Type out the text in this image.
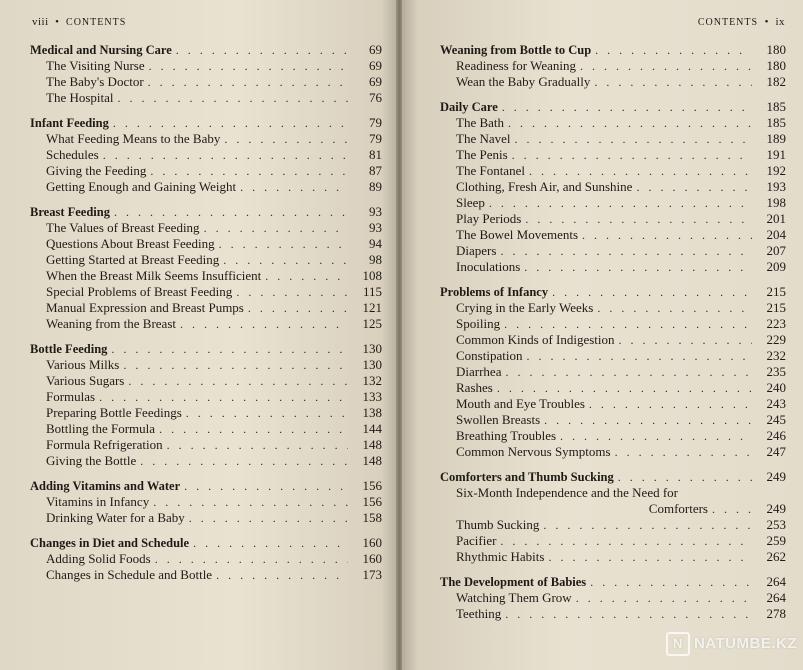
viii • CONTENTS	CONTENTS • ix
Medical and Nursing Care . . .	69
The Visiting Nurse . . .	69
The Baby's Doctor . . .	69
The Hospital . . .	76
Infant Feeding . . .	79
What Feeding Means to the Baby . . .	79
Schedules . . .	81
Giving the Feeding . . .	87
Getting Enough and Gaining Weight . . .	89
Breast Feeding . . .	93
The Values of Breast Feeding . . .	93
Questions About Breast Feeding . . .	94
Getting Started at Breast Feeding . . .	98
When the Breast Milk Seems Insufficient . . .	108
Special Problems of Breast Feeding . . .	115
Manual Expression and Breast Pumps . . .	121
Weaning from the Breast . . .	125
Bottle Feeding . . .	130
Various Milks . . .	130
Various Sugars . . .	132
Formulas . . .	133
Preparing Bottle Feedings . . .	138
Bottling the Formula . . .	144
Formula Refrigeration . . .	148
Giving the Bottle . . .	148
Adding Vitamins and Water . . .	156
Vitamins in Infancy . . .	156
Drinking Water for a Baby . . .	158
Changes in Diet and Schedule . . .	160
Adding Solid Foods . . .	160
Changes in Schedule and Bottle . . .	173
Weaning from Bottle to Cup . . .	180
Readiness for Weaning . . .	180
Wean the Baby Gradually . . .	182
Daily Care . . .	185
The Bath . . .	185
The Navel . . .	189
The Penis . . .	191
The Fontanel . . .	192
Clothing, Fresh Air, and Sunshine . . .	193
Sleep . . .	198
Play Periods . . .	201
The Bowel Movements . . .	204
Diapers . . .	207
Inoculations . . .	209
Problems of Infancy . . .	215
Crying in the Early Weeks . . .	215
Spoiling . . .	223
Common Kinds of Indigestion . . .	229
Constipation . . .	232
Diarrhea . . .	235
Rashes . . .	240
Mouth and Eye Troubles . . .	243
Swollen Breasts . . .	245
Breathing Troubles . . .	246
Common Nervous Symptoms . . .	247
Comforters and Thumb Sucking . . .	249
Six-Month Independence and the Need for
Comforters . . .	249
Thumb Sucking . . .	253
Pacifier . . .	259
Rhythmic Habits . . .	262
The Development of Babies . . .	264
Watching Them Grow . . .	264
Teething . . .	278
N NATUMBE.KZ
